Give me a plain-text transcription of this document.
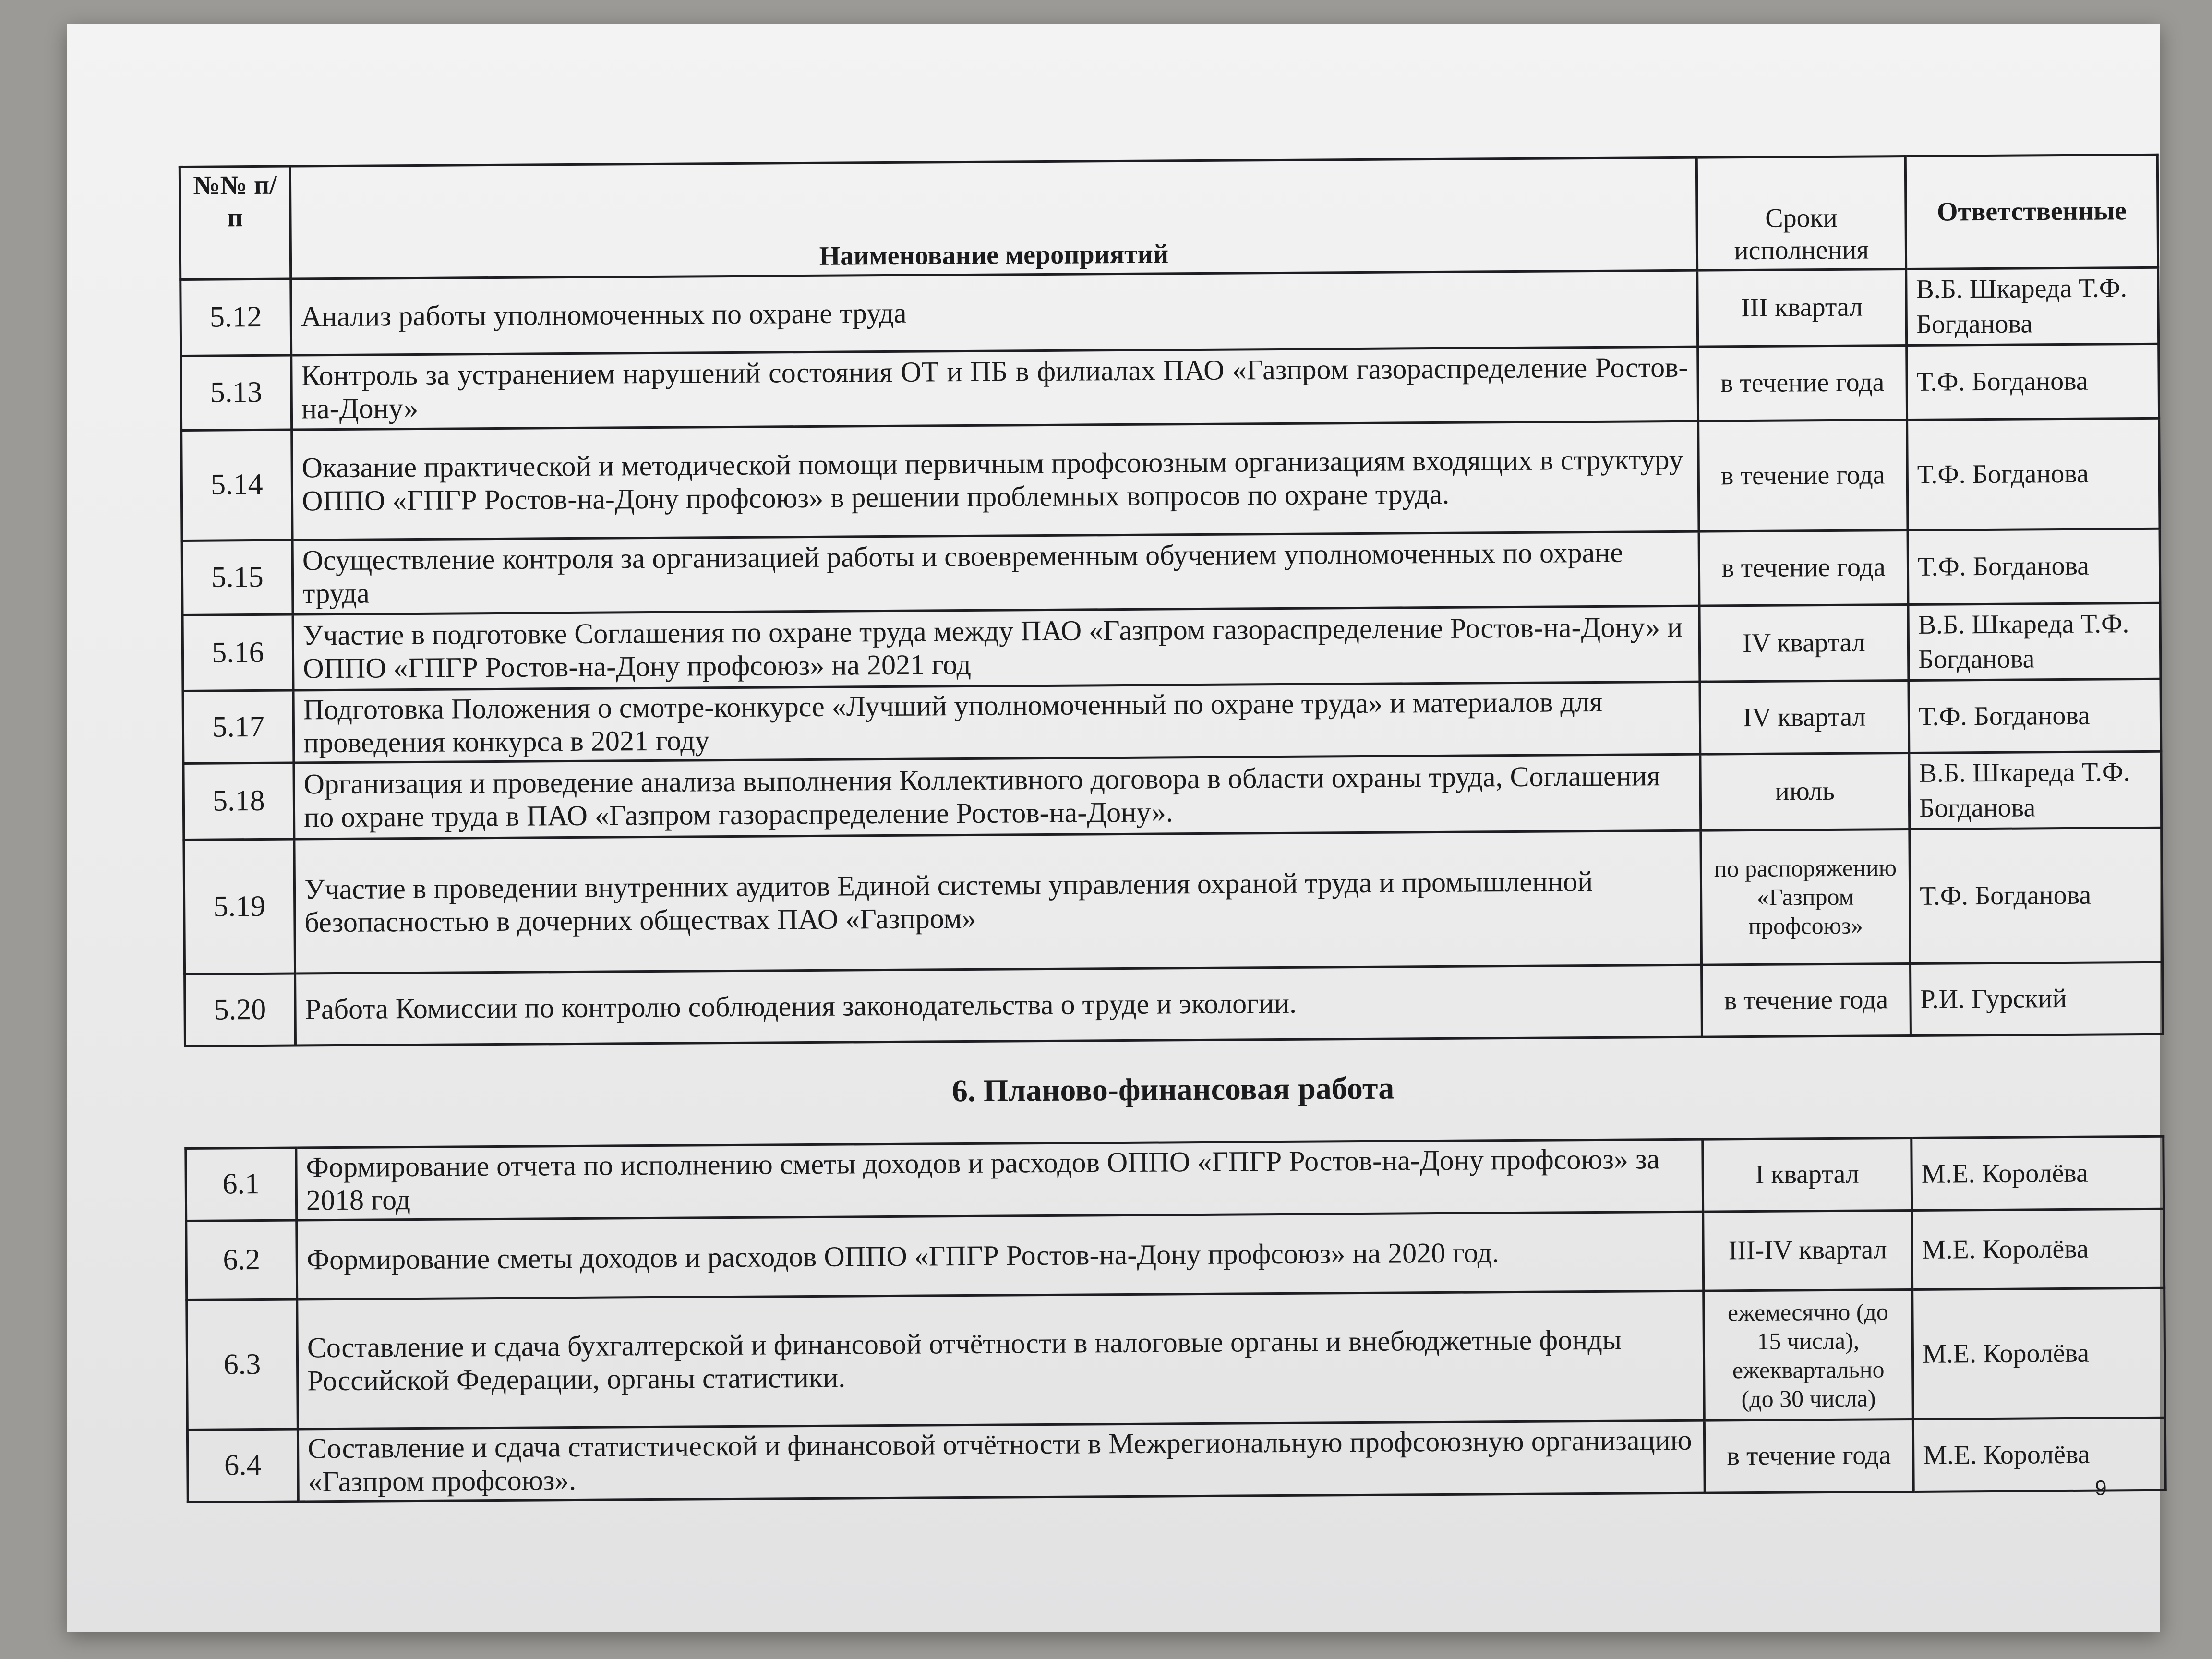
№№ п/п	Наименование мероприятий	Сроки исполнения	Ответственные
5.12	Анализ работы уполномоченных по охране труда	III квартал	В.Б. Шкареда Т.Ф. Богданова
5.13	Контроль за устранением нарушений состояния ОТ и ПБ в филиалах ПАО «Газпром газораспределение Ростов-на-Дону»	в течение года	Т.Ф. Богданова
5.14	Оказание практической и методической помощи первичным профсоюзным организациям входящих в структуру ОППО «ГПГР Ростов-на-Дону профсоюз» в решении проблемных вопросов по охране труда.	в течение года	Т.Ф. Богданова
5.15	Осуществление контроля за организацией работы и своевременным обучением уполномоченных по охране труда	в течение года	Т.Ф. Богданова
5.16	Участие в подготовке Соглашения по охране труда между ПАО «Газпром газораспределение Ростов-на-Дону» и ОППО «ГПГР Ростов-на-Дону профсоюз» на 2021 год	IV квартал	В.Б. Шкареда Т.Ф. Богданова
5.17	Подготовка Положения о смотре-конкурсе «Лучший уполномоченный по охране труда» и материалов для проведения конкурса в 2021 году	IV квартал	Т.Ф. Богданова
5.18	Организация и проведение анализа выполнения Коллективного договора в области охраны труда, Соглашения по охране труда в ПАО «Газпром газораспределение Ростов-на-Дону».	июль	В.Б. Шкареда Т.Ф. Богданова
5.19	Участие в проведении внутренних аудитов Единой системы управления охраной труда и промышленной безопасностью в дочерних обществах ПАО «Газпром»	по распоряжению «Газпром профсоюз»	Т.Ф. Богданова
5.20	Работа Комиссии по контролю соблюдения законодательства о труде и экологии.	в течение года	Р.И. Гурский
6. Планово-финансовая работа
6.1	Формирование отчета по исполнению сметы доходов и расходов ОППО «ГПГР Ростов-на-Дону профсоюз» за 2018 год	I квартал	М.Е. Королёва
6.2	Формирование сметы доходов и расходов ОППО «ГПГР Ростов-на-Дону профсоюз» на 2020 год.	III-IV квартал	М.Е. Королёва
6.3	Составление и сдача бухгалтерской и финансовой отчётности в налоговые органы и внебюджетные фонды Российской Федерации, органы статистики.	ежемесячно (до 15 числа), ежеквартально (до 30 числа)	М.Е. Королёва
6.4	Составление и сдача статистической и финансовой отчётности в Межрегиональную профсоюзную организацию «Газпром профсоюз».	в течение года	М.Е. Королёва
9
